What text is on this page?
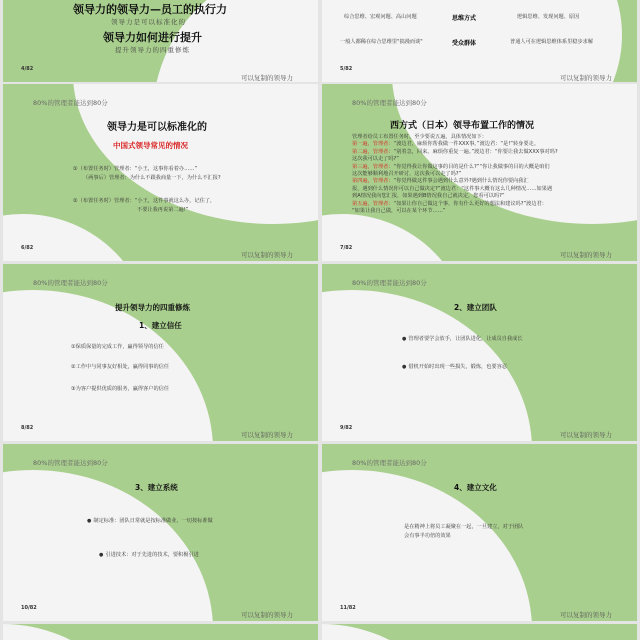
领导力的领导力—员工的执行力
领导力是可以标准化的
领导力如何进行提升
提升领导力的四重修炼
4/82
可以复制的领导力
综合思维、宏观问题、高山问题	思维方式	逻辑思维、发现问题、原因
一般人都稀在综合思维里"搞漫而谈"	受众群体	普通人可在逻辑思维体系里稳步求解
5/82
可以复制的领导力
80%的管理者能达到80分
领导力是可以标准化的
中国式领导常见的情况
①（布置任务时）管理者：“小王，这事你看着办……”
（两事后）管理者：为什么不跟我商量一下，为什么不汇报?
②（布置任务时）管理者：“小王，这件事就这么办，记住了，
不要让我再说第二遍!”
6/82
可以复制的领导力
80%的管理者能达到80分
西方式（日本）领导布置工作的情况
管理者给员工布置任务时，至少要说五遍。具体情况如下：
第一遍，管理者：“渡边君，麻烦你帮我做一件XXX事。”渡边君：“是!”转身要走。
第二遍，管理者：“别着急，回来。麻烦你重复一遍。”渡边君：“你要让我去做XXX事对吗?
这次我可以走了吗?”
第三遍，管理者：“你觉得我让你做这事的目的是什么?”“你让我做事的目的大概是咱们
这次能够顺利地召开研讨，这次我可以走了吗?”
第四遍，管理者：“你觉得做这件事会遇到什么意外?遇到什么情况你要向我汇
报，遇到什么情况你可以自己做决定?”渡边君：“这件事大概有这么几种情况……如果遇
到A情况我向您汇报，如果遇到B情况我自己就决定，您看可以吗?”
第五遍，管理者：“如果让你自己做这个事，你有什么更好的想法和建议吗?”渡边君：
“如果让我自己做，可以在某个环节……”
7/82
可以复制的领导力
80%的管理者能达到80分
提升领导力的四重修炼
1、建立信任
①保质保量的完成工作，赢得领导的信任
②工作中与同事友好相处，赢得同事的信任
③为客户提供优质的服务，赢得客户的信任
8/82
可以复制的领导力
80%的管理者能达到80分
2、建立团队
● 管理者要学会放手，让团队进化，让成员自我成长
● 借机开始时出现一些损失，锻炼，也要容忍
9/82
可以复制的领导力
80%的管理者能达到80分
3、建立系统
● 制定标准：团队日常就是按标准做业，一切按标准做
● 引进技术：对于先进的技术，要积极引进
10/82
可以复制的领导力
80%的管理者能达到80分
4、建立文化
是在精神上将员工凝聚在一起，一旦建立，对于团队
会有事半功倍的效果
11/82
可以复制的领导力
